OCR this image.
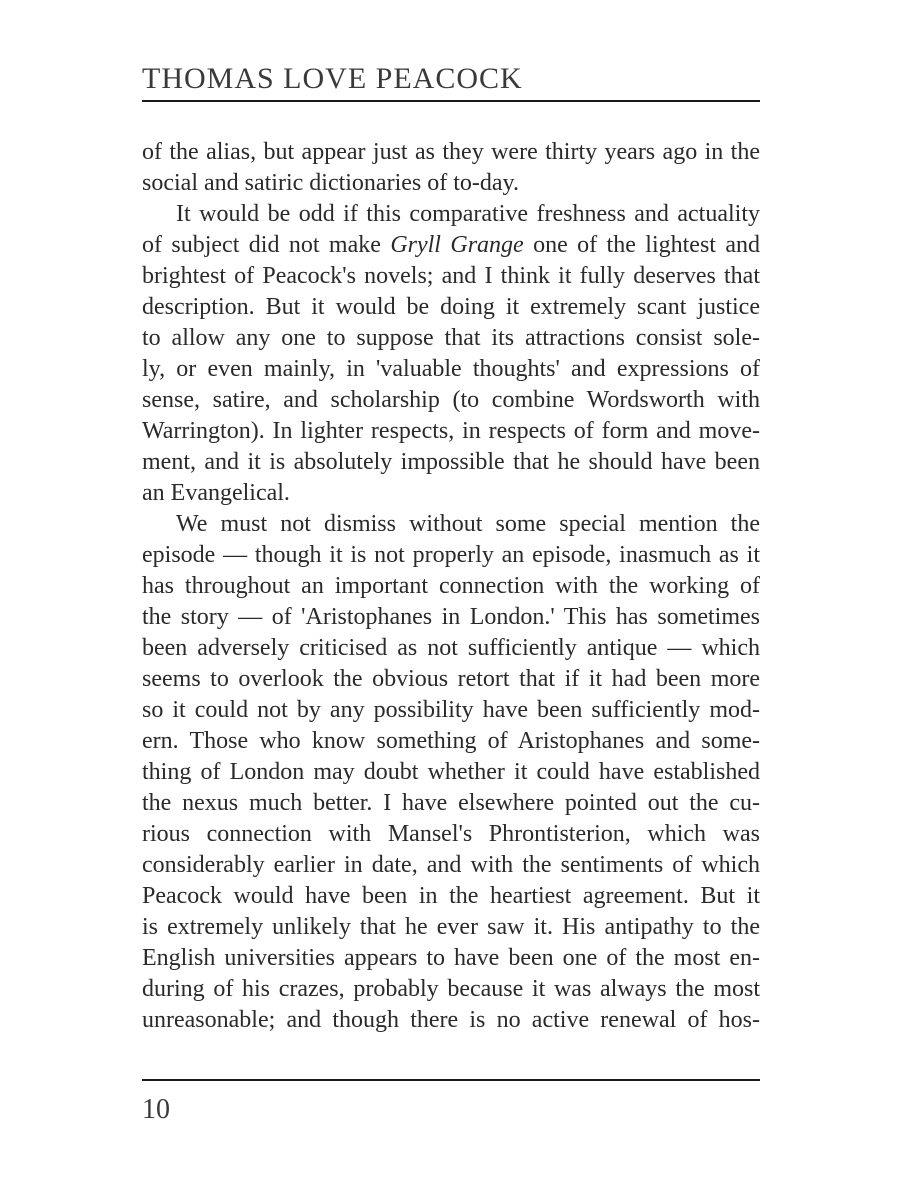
THOMAS LOVE PEACOCK
of the alias, but appear just as they were thirty years ago in the
social and satiric dictionaries of to-day.
It would be odd if this comparative freshness and actuality
of subject did not make Gryll Grange one of the lightest and
brightest of Peacock's novels; and I think it fully deserves that
description. But it would be doing it extremely scant justice
to allow any one to suppose that its attractions consist sole-
ly, or even mainly, in 'valuable thoughts' and expressions of
sense, satire, and scholarship (to combine Wordsworth with
Warrington). In lighter respects, in respects of form and move-
ment, and it is absolutely impossible that he should have been
an Evangelical.
We must not dismiss without some special mention the
episode — though it is not properly an episode, inasmuch as it
has throughout an important connection with the working of
the story — of 'Aristophanes in London.' This has sometimes
been adversely criticised as not sufficiently antique — which
seems to overlook the obvious retort that if it had been more
so it could not by any possibility have been sufficiently mod-
ern. Those who know something of Aristophanes and some-
thing of London may doubt whether it could have established
the nexus much better. I have elsewhere pointed out the cu-
rious connection with Mansel's Phrontisterion, which was
considerably earlier in date, and with the sentiments of which
Peacock would have been in the heartiest agreement. But it
is extremely unlikely that he ever saw it. His antipathy to the
English universities appears to have been one of the most en-
during of his crazes, probably because it was always the most
unreasonable; and though there is no active renewal of hos-
10
